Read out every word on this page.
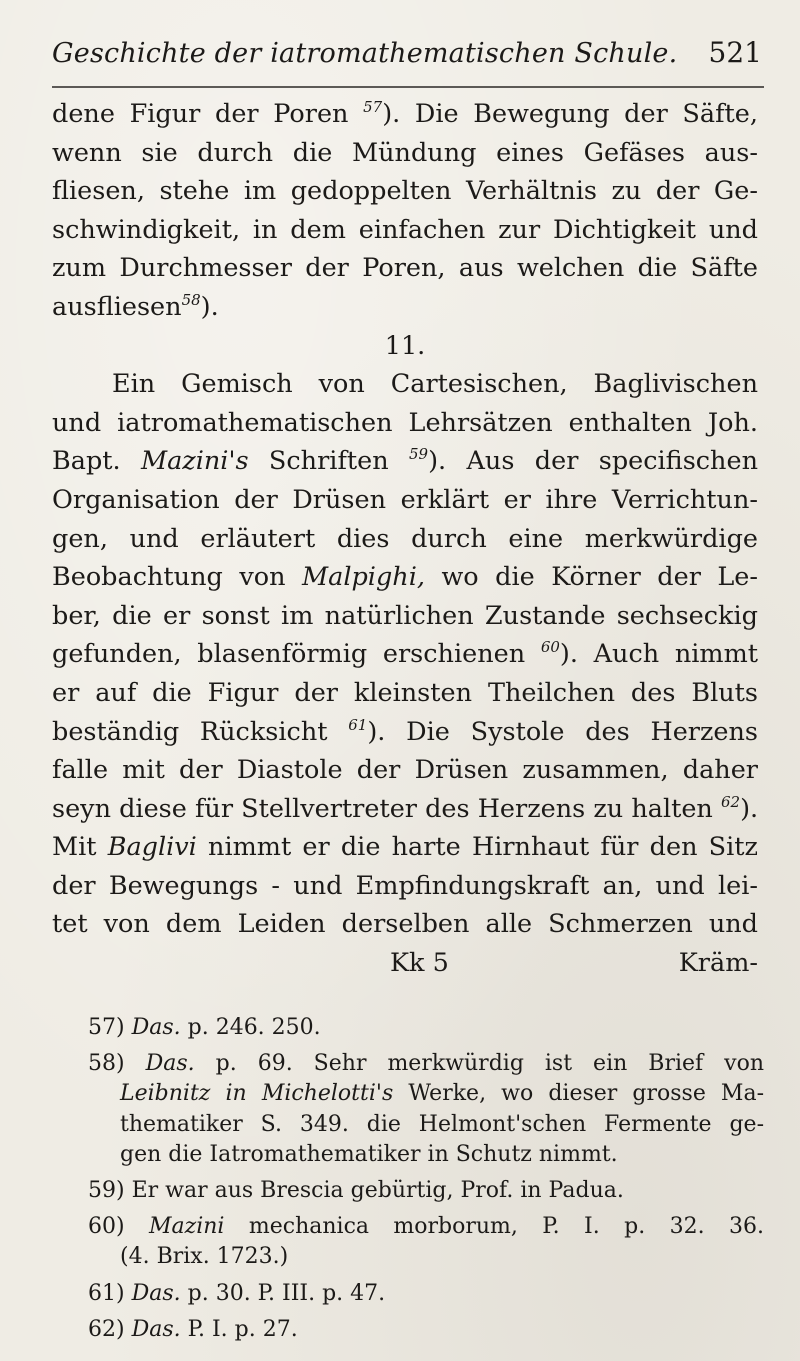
Geschichte der iatromathematischen Schule. 521
dene Figur der Poren $^{57}$). Die Bewegung der Säfte,
wenn sie durch die Mündung eines Gefäses aus-
fliesen, stehe im gedoppelten Verhältnis zu der Ge-
schwindigkeit, in dem einfachen zur Dichtigkeit und
zum Durchmesser der Poren, aus welchen die Säfte
ausfliesen$^{58}$).
11.
Ein Gemisch von Cartesischen, Baglivischen
und iatromathematischen Lehrsätzen enthalten Joh.
Bapt. Mazini's Schriften $^{59}$). Aus der specifischen
Organisation der Drüsen erklärt er ihre Verrichtun-
gen, und erläutert dies durch eine merkwürdige
Beobachtung von Malpighi, wo die Körner der Le-
ber, die er sonst im natürlichen Zustande sechseckig
gefunden, blasenförmig erschienen $^{60}$). Auch nimmt
er auf die Figur der kleinsten Theilchen des Bluts
beständig Rücksicht $^{61}$). Die Systole des Herzens
falle mit der Diastole der Drüsen zusammen, daher
seyn diese für Stellvertreter des Herzens zu halten $^{62}$).
Mit Baglivi nimmt er die harte Hirnhaut für den Sitz
der Bewegungs - und Empfindungskraft an, und lei-
tet von dem Leiden derselben alle Schmerzen und
Kk 5	Kräm-
57) Das. p. 246. 250.
58) Das. p. 69. Sehr merkwürdig ist ein Brief von
Leibnitz in Michelotti's Werke, wo dieser grosse Ma-
thematiker S. 349. die Helmont'schen Fermente ge-
gen die Iatromathematiker in Schutz nimmt.
59) Er war aus Brescia gebürtig, Prof. in Padua.
60) Mazini mechanica morborum, P. I. p. 32. 36.
(4. Brix. 1723.)
61) Das. p. 30. P. III. p. 47.
62) Das. P. I. p. 27.
